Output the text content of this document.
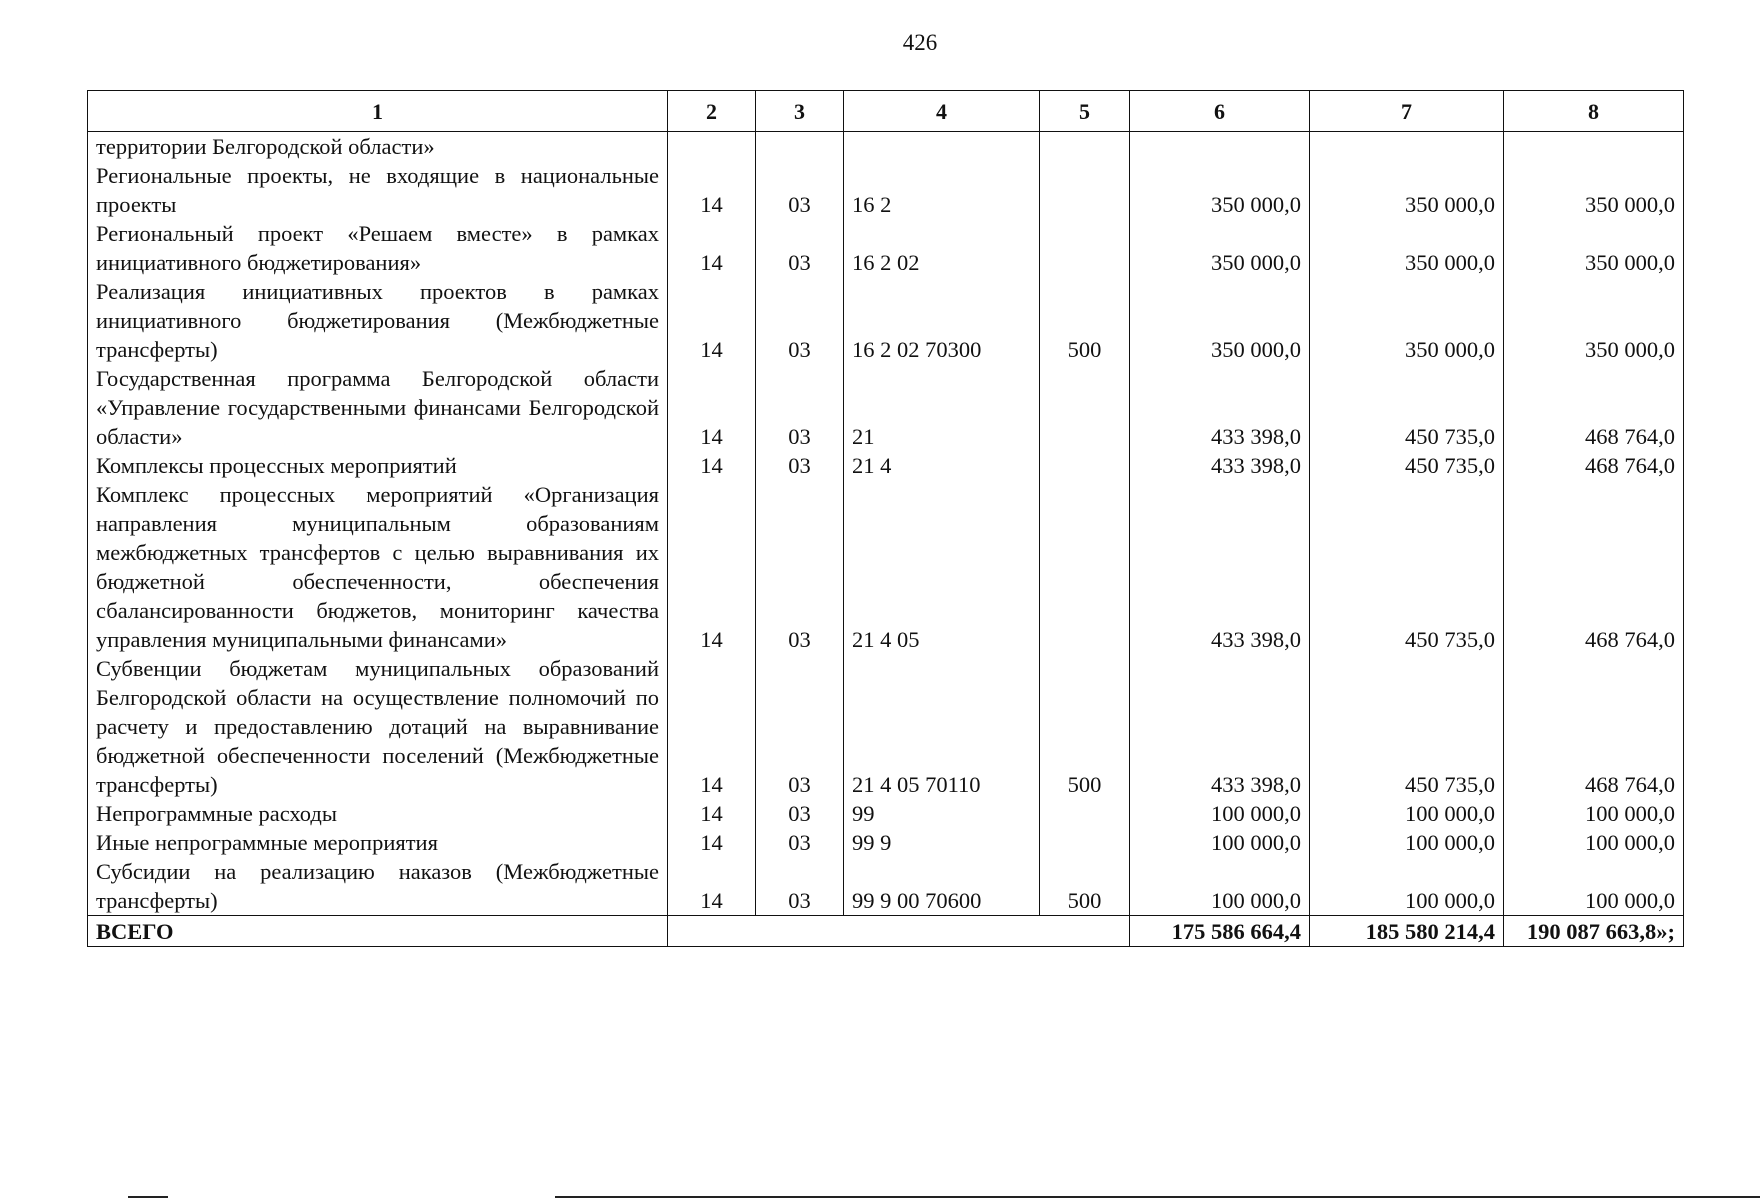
426
1	2	3	4	5	6	7	8
территории Белгородской области»							
Региональные проекты, не входящие в национальные проекты	14	03	16 2		350 000,0	350 000,0	350 000,0
Региональный проект «Решаем вместе» в рамках инициативного бюджетирования»	14	03	16 2 02		350 000,0	350 000,0	350 000,0
Реализация инициативных проектов в рамках инициативного бюджетирования (Межбюджетные трансферты)	14	03	16 2 02 70300	500	350 000,0	350 000,0	350 000,0
Государственная программа Белгородской области «Управление государственными финансами Белгородской области»	14	03	21		433 398,0	450 735,0	468 764,0
Комплексы процессных мероприятий	14	03	21 4		433 398,0	450 735,0	468 764,0
Комплекс процессных мероприятий «Организация направления муниципальным образованиям межбюджетных трансфертов с целью выравнивания их бюджетной обеспеченности, обеспечения сбалансированности бюджетов, мониторинг качества управления муниципальными финансами»	14	03	21 4 05		433 398,0	450 735,0	468 764,0
Субвенции бюджетам муниципальных образований Белгородской области на осуществление полномочий по расчету и предоставлению дотаций на выравнивание бюджетной обеспеченности поселений (Межбюджетные трансферты)	14	03	21 4 05 70110	500	433 398,0	450 735,0	468 764,0
Непрограммные расходы	14	03	99		100 000,0	100 000,0	100 000,0
Иные непрограммные мероприятия	14	03	99 9		100 000,0	100 000,0	100 000,0
Субсидии на реализацию наказов (Межбюджетные трансферты)	14	03	99 9 00 70600	500	100 000,0	100 000,0	100 000,0
ВСЕГО					175 586 664,4	185 580 214,4	190 087 663,8»;
